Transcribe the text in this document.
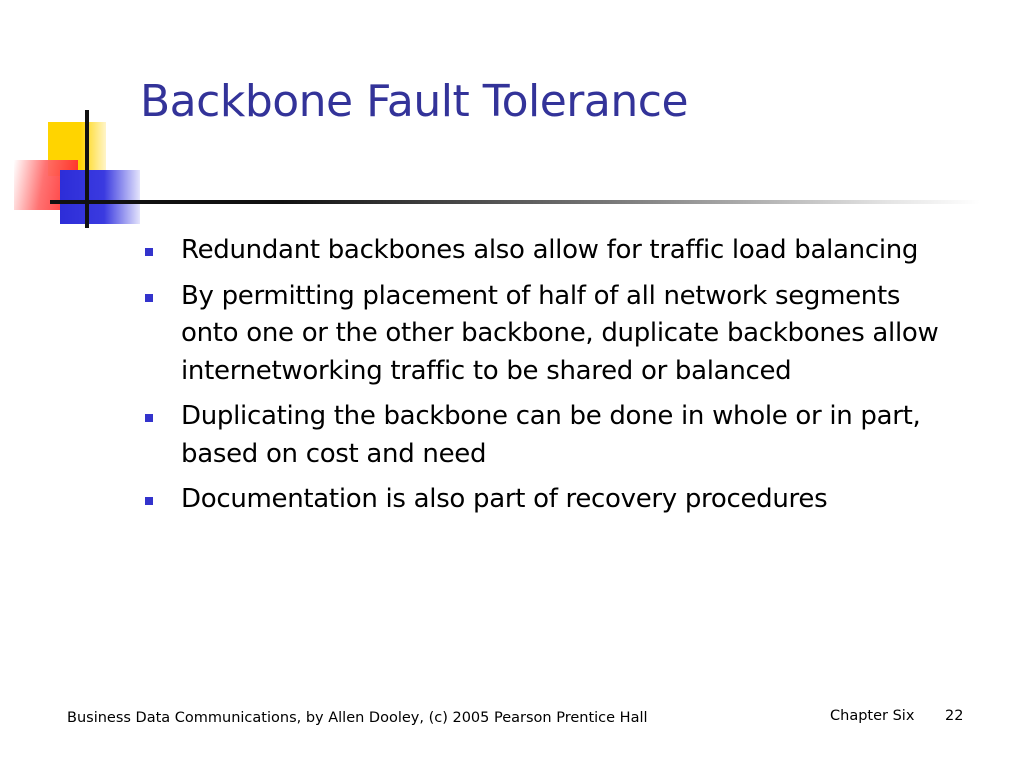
Backbone Fault Tolerance
Redundant backbones also allow for traffic load balancing
By permitting placement of half of all network segments onto one or the other backbone, duplicate backbones allow internetworking traffic to be shared or balanced
Duplicating the backbone can be done in whole or in part, based on cost and need
Documentation is also part of recovery procedures
Business Data Communications, by Allen Dooley, (c) 2005 Pearson Prentice Hall	Chapter Six 22
